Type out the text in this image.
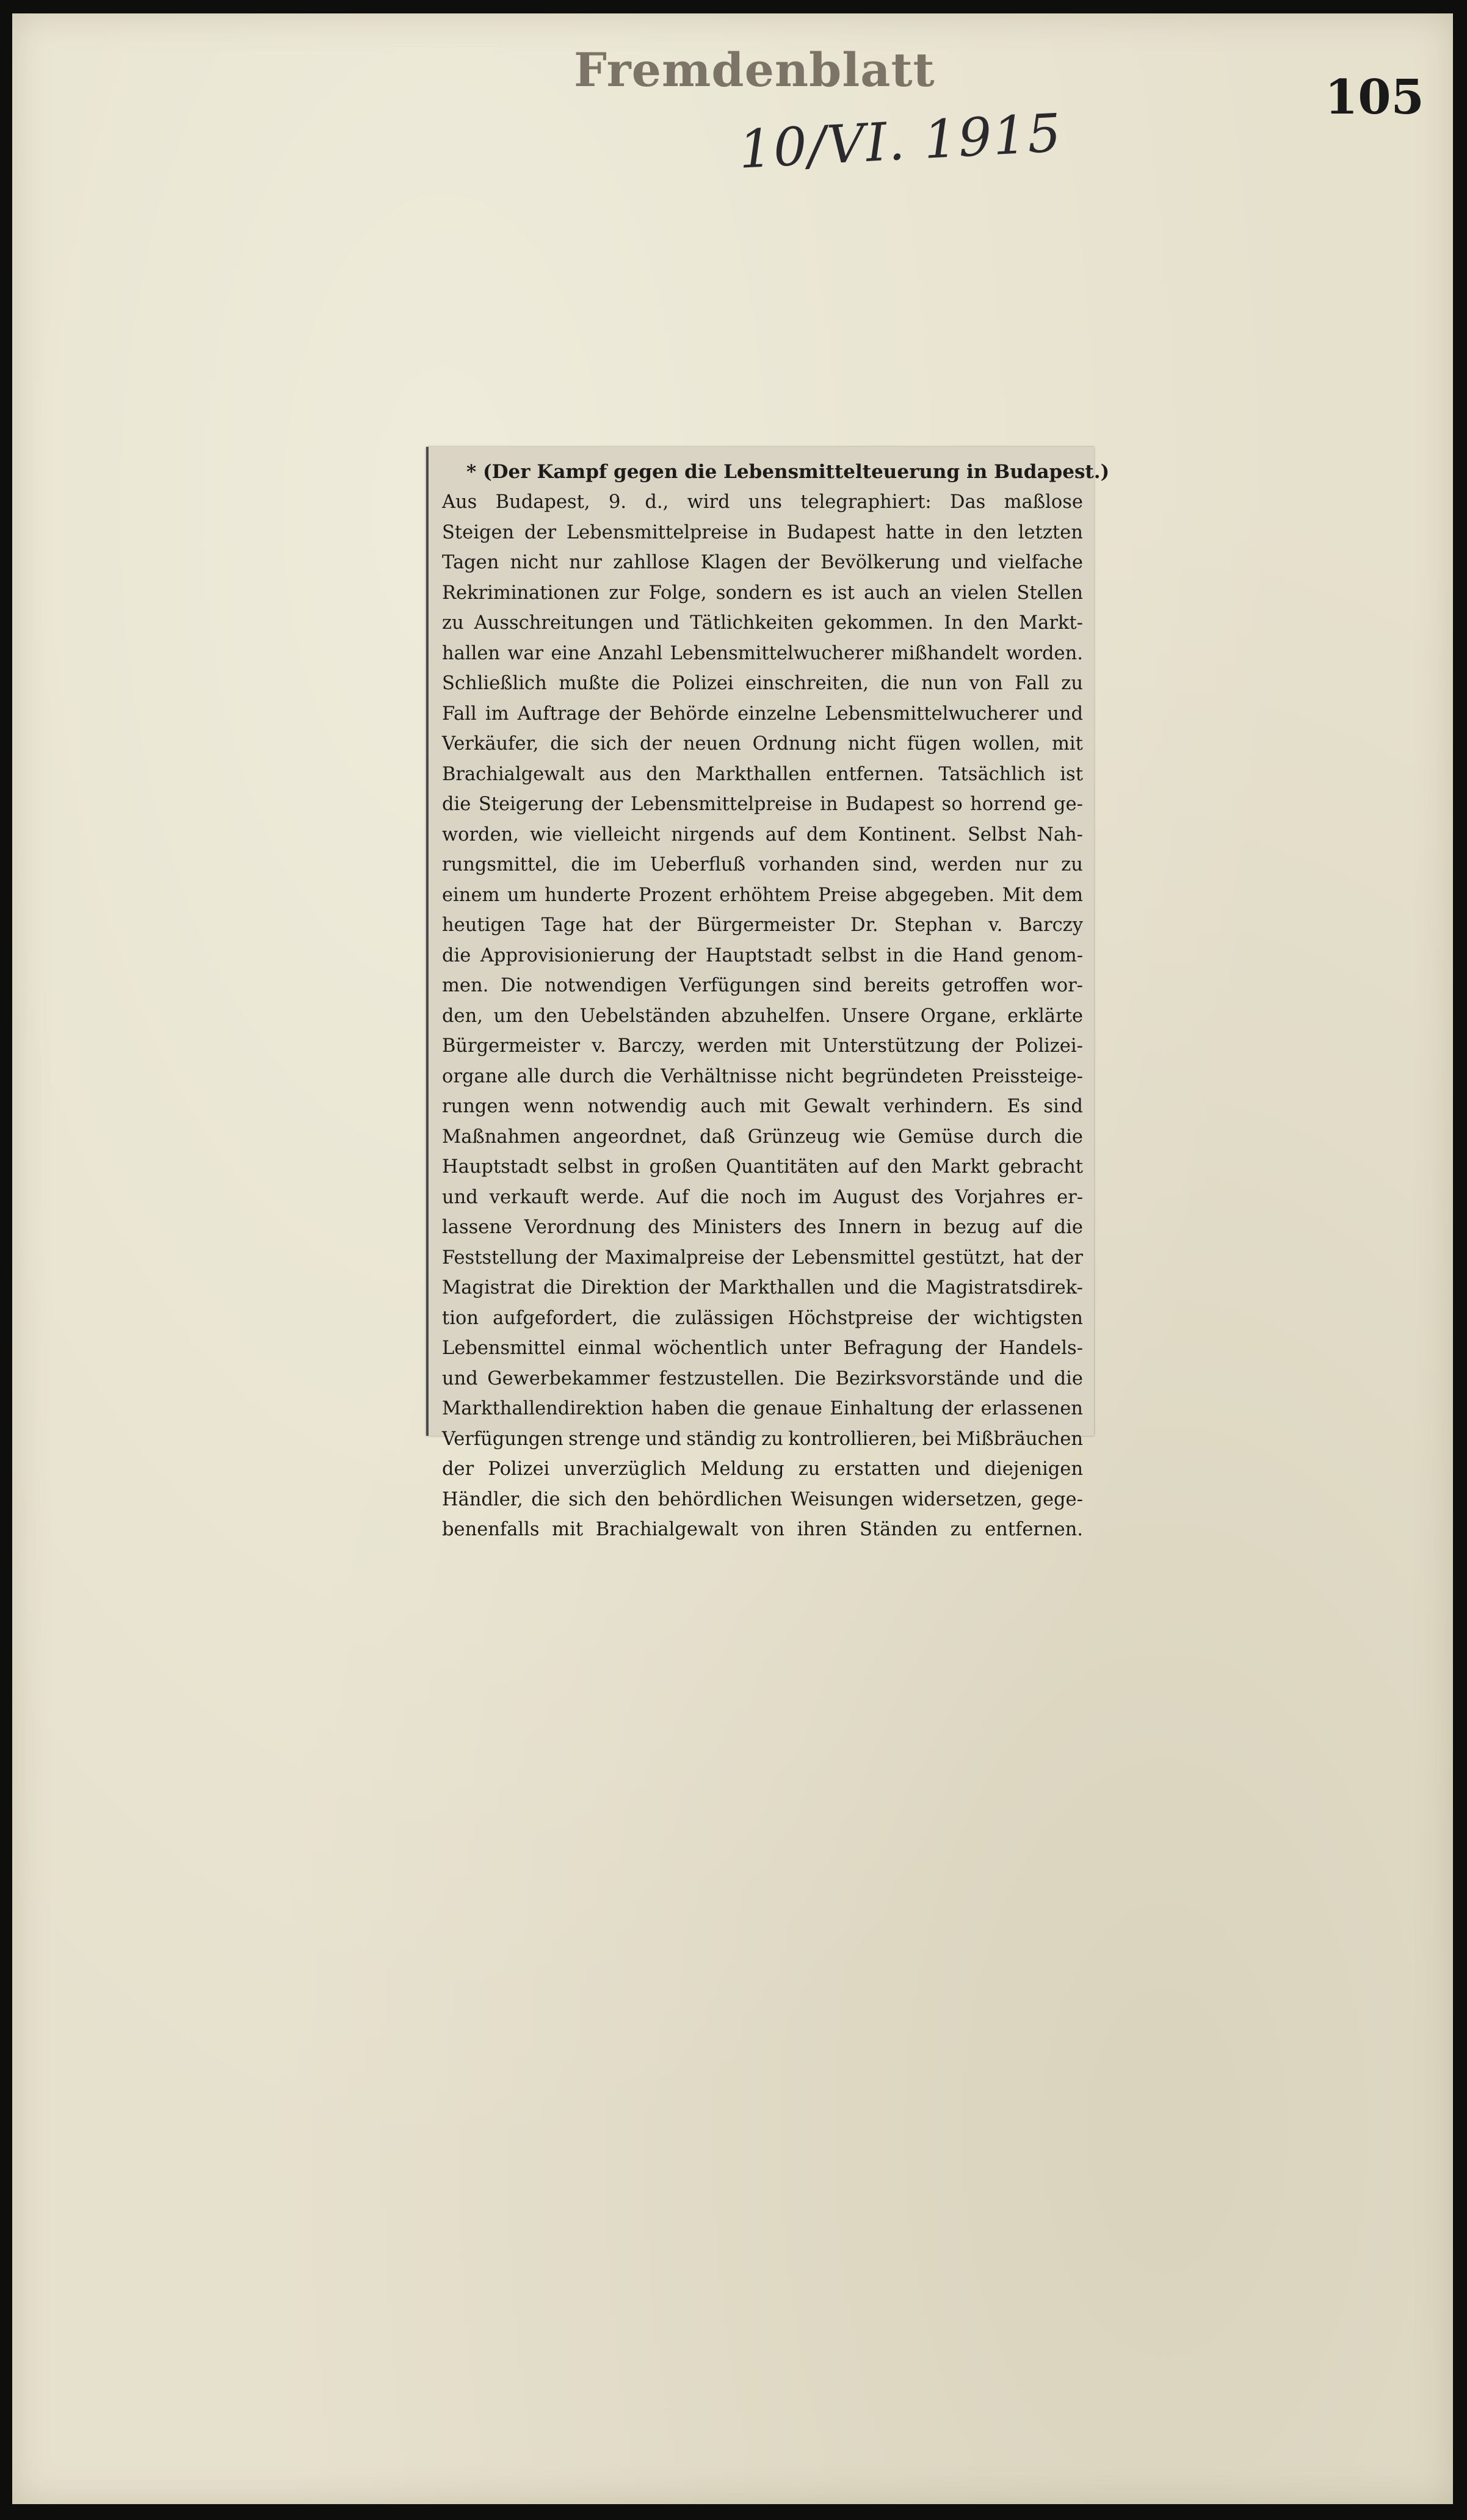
Fremdenblatt
10/VI. 1915
105
* (Der Kampf gegen die Lebensmittelteuerung in Budapest.)
Aus Budapest, 9. d., wird uns telegraphiert: Das maßlose
Steigen der Lebensmittelpreise in Budapest hatte in den letzten
Tagen nicht nur zahllose Klagen der Bevölkerung und vielfache
Rekriminationen zur Folge, sondern es ist auch an vielen Stellen
zu Ausschreitungen und Tätlichkeiten gekommen. In den Markt-
hallen war eine Anzahl Lebensmittelwucherer mißhandelt worden.
Schließlich mußte die Polizei einschreiten, die nun von Fall zu
Fall im Auftrage der Behörde einzelne Lebensmittelwucherer und
Verkäufer, die sich der neuen Ordnung nicht fügen wollen, mit
Brachialgewalt aus den Markthallen entfernen. Tatsächlich ist
die Steigerung der Lebensmittelpreise in Budapest so horrend ge-
worden, wie vielleicht nirgends auf dem Kontinent. Selbst Nah-
rungsmittel, die im Ueberfluß vorhanden sind, werden nur zu
einem um hunderte Prozent erhöhtem Preise abgegeben. Mit dem
heutigen Tage hat der Bürgermeister Dr. Stephan v. Barczy
die Approvisionierung der Hauptstadt selbst in die Hand genom-
men. Die notwendigen Verfügungen sind bereits getroffen wor-
den, um den Uebelständen abzuhelfen. Unsere Organe, erklärte
Bürgermeister v. Barczy, werden mit Unterstützung der Polizei-
organe alle durch die Verhältnisse nicht begründeten Preissteige-
rungen wenn notwendig auch mit Gewalt verhindern. Es sind
Maßnahmen angeordnet, daß Grünzeug wie Gemüse durch die
Hauptstadt selbst in großen Quantitäten auf den Markt gebracht
und verkauft werde. Auf die noch im August des Vorjahres er-
lassene Verordnung des Ministers des Innern in bezug auf die
Feststellung der Maximalpreise der Lebensmittel gestützt, hat der
Magistrat die Direktion der Markthallen und die Magistratsdirek-
tion aufgefordert, die zulässigen Höchstpreise der wichtigsten
Lebensmittel einmal wöchentlich unter Befragung der Handels-
und Gewerbekammer festzustellen. Die Bezirksvorstände und die
Markthallendirektion haben die genaue Einhaltung der erlassenen
Verfügungen strenge und ständig zu kontrollieren, bei Mißbräuchen
der Polizei unverzüglich Meldung zu erstatten und diejenigen
Händler, die sich den behördlichen Weisungen widersetzen, gege-
benenfalls mit Brachialgewalt von ihren Ständen zu entfernen.
